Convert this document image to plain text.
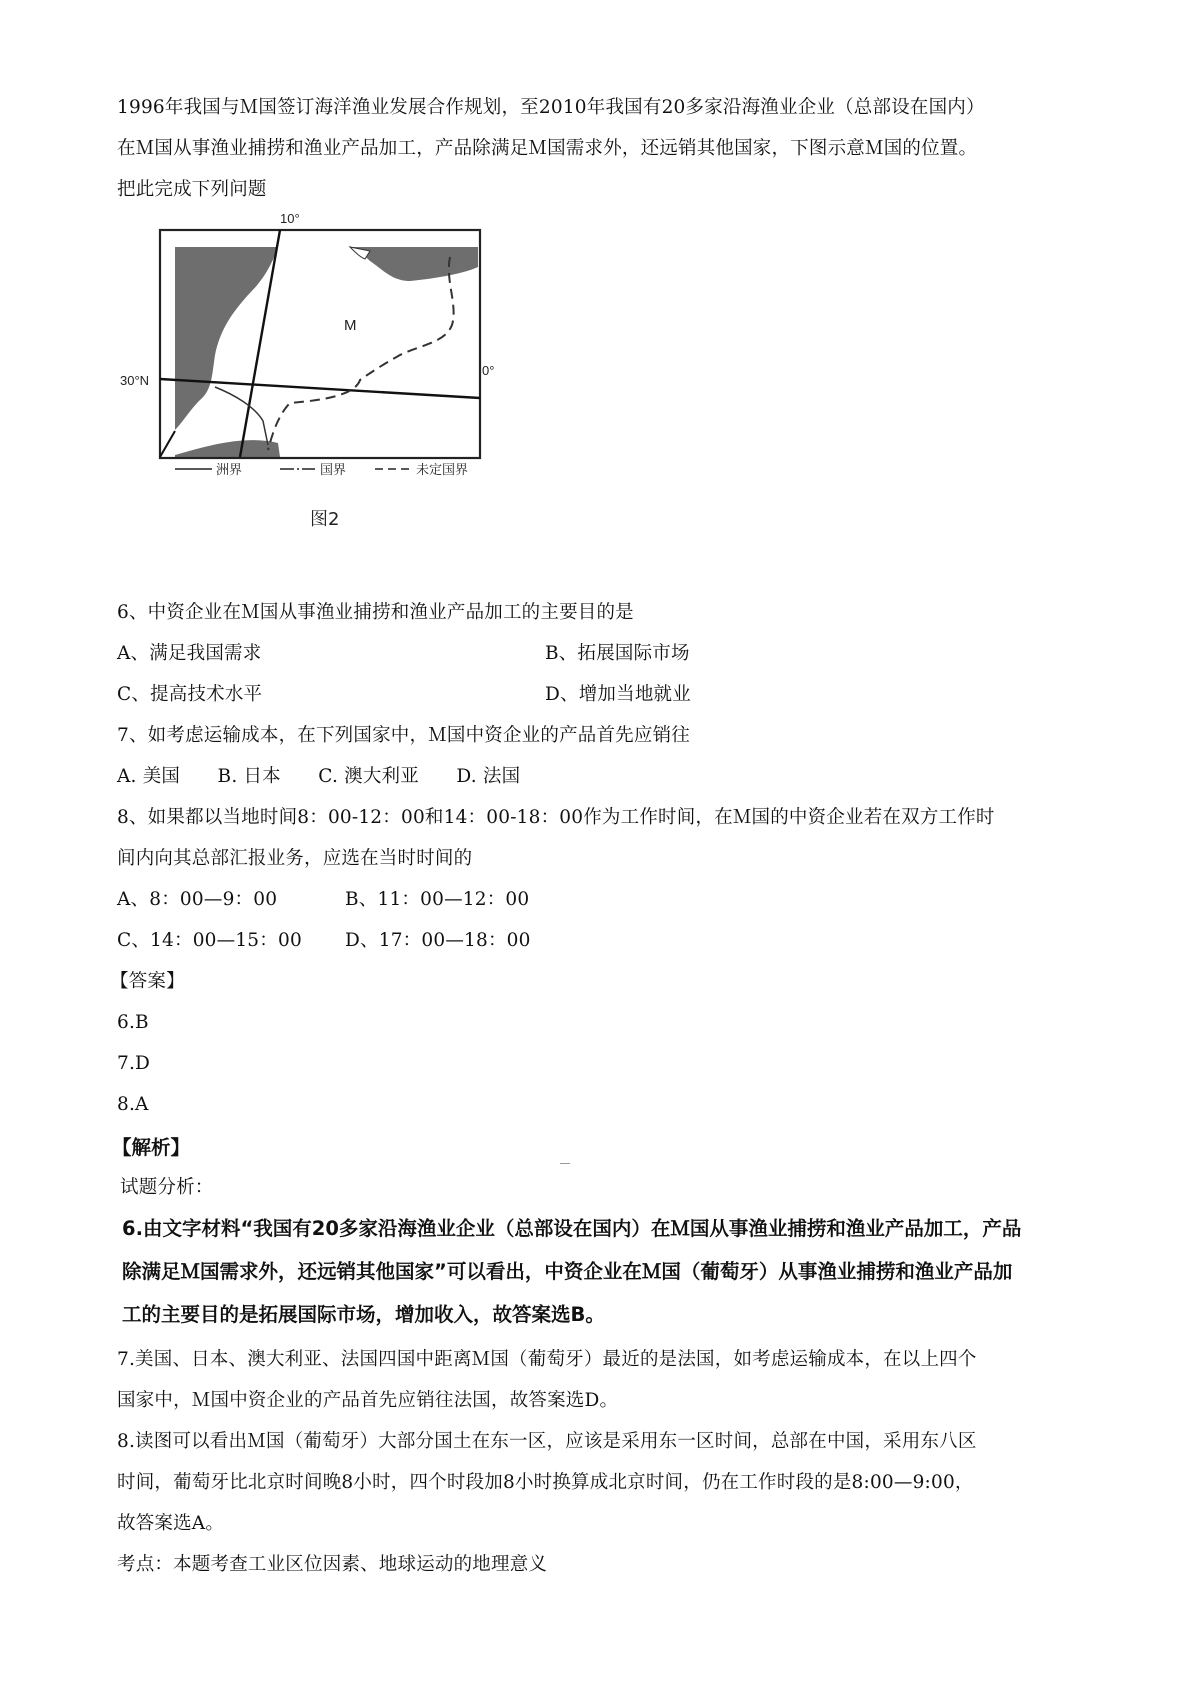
1996年我国与Ｍ国签订海洋渔业发展合作规划，至2010年我国有20多家沿海渔业企业（总部设在国内）
在Ｍ国从事渔业捕捞和渔业产品加工，产品除满足Ｍ国需求外，还远销其他国家，下图示意Ｍ国的位置。
把此完成下列问题
10°
30°N
0°
M
洲界	国界	未定国界
图2
6、中资企业在Ｍ国从事渔业捕捞和渔业产品加工的主要目的是
A、满足我国需求	B、拓展国际市场
C、提高技术水平	D、增加当地就业
7、如考虑运输成本，在下列国家中，Ｍ国中资企业的产品首先应销往
A. 美国　　B. 日本　　C. 澳大利亚　　D. 法国
8、如果都以当地时间8：00-12：00和14：00-18：00作为工作时间，在Ｍ国的中资企业若在双方工作时
间内向其总部汇报业务，应选在当时时间的
A、8：00—9：00	B、11：00—12：00
C、14：00—15：00 D、17：00—18：00
【答案】
6.B
7.D
8.A
【解析】
试题分析：
6.由文字材料“我国有20多家沿海渔业企业（总部设在国内）在Ｍ国从事渔业捕捞和渔业产品加工，产品
除满足Ｍ国需求外，还远销其他国家”可以看出，中资企业在Ｍ国（葡萄牙）从事渔业捕捞和渔业产品加
工的主要目的是拓展国际市场，增加收入，故答案选B。
7.美国、日本、澳大利亚、法国四国中距离Ｍ国（葡萄牙）最近的是法国，如考虑运输成本，在以上四个
国家中，Ｍ国中资企业的产品首先应销往法国，故答案选D。
8.读图可以看出Ｍ国（葡萄牙）大部分国土在东一区，应该是采用东一区时间，总部在中国，采用东八区
时间，葡萄牙比北京时间晚8小时，四个时段加8小时换算成北京时间，仍在工作时段的是8:00—9:00，
故答案选A。
考点：本题考查工业区位因素、地球运动的地理意义
